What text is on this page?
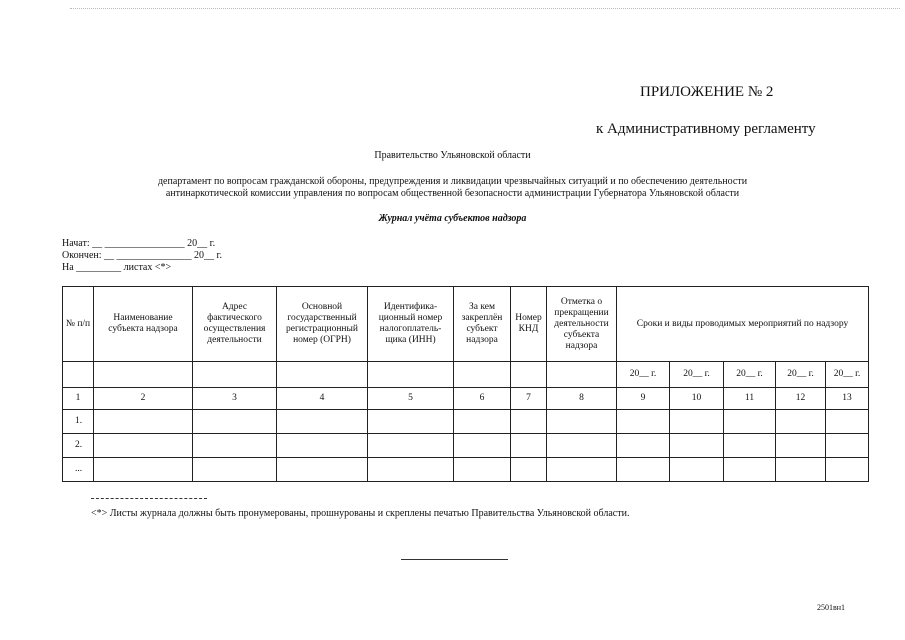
ПРИЛОЖЕНИЕ № 2
к Административному регламенту
Правительство Ульяновской области
департамент по вопросам гражданской обороны, предупреждения и ликвидации чрезвычайных ситуаций и по обеспечению деятельности
антинаркотической комиссии управления по вопросам общественной безопасности администрации Губернатора Ульяновской области
Журнал учёта субъектов надзора
Начат: __ ________________ 20__ г.
Окончен: __ _______________ 20__ г.
На _________ листах <*>
№ п/п	Наименование субъекта надзора	Адрес фактического осуществления деятельности	Основной государственный регистрационный номер (ОГРН)	Идентифика-ционный номер налогоплатель-щика (ИНН)	За кем закреплён субъект надзора	Номер КНД	Отметка о прекращении деятельности субъекта надзора	Сроки и виды проводимых мероприятий по надзору				
								20__ г.	20__ г.	20__ г.	20__ г.	20__ г.
1	2	3	4	5	6	7	8	9	10	11	12	13
1.												
2.												
...												
<*> Листы журнала должны быть пронумерованы, прошнурованы и скреплены печатью Правительства Ульяновской области.
2501вн1
